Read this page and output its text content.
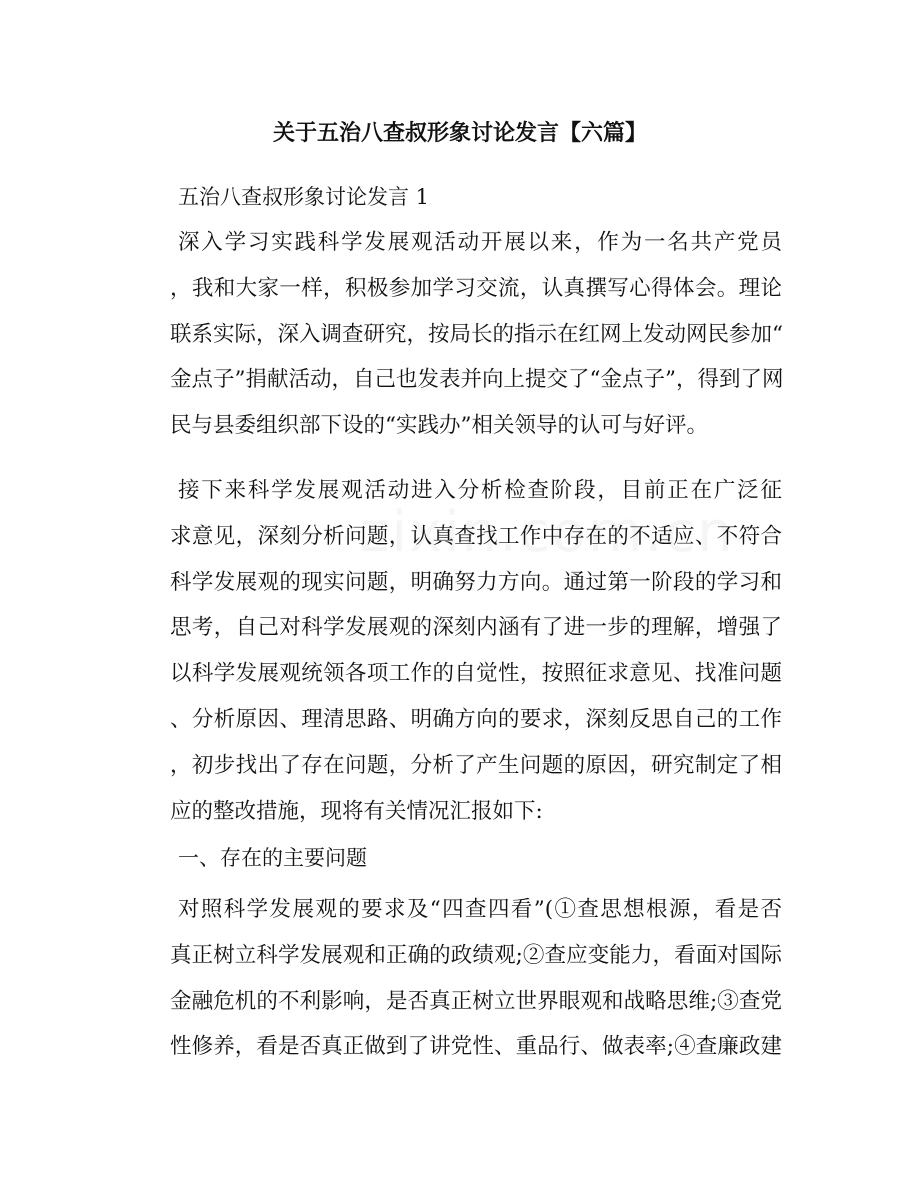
关于五治八查叔形象讨论发言【六篇】
五治八查叔形象讨论发言 1
深入学习实践科学发展观活动开展以来，作为一名共产党员
，我和大家一样，积极参加学习交流，认真撰写心得体会。理论
联系实际，深入调查研究，按局长的指示在红网上发动网民参加“
金点子”捐献活动，自己也发表并向上提交了“金点子”，得到了网
民与县委组织部下设的“实践办”相关领导的认可与好评。
接下来科学发展观活动进入分析检查阶段，目前正在广泛征
求意见，深刻分析问题，认真查找工作中存在的不适应、不符合
科学发展观的现实问题，明确努力方向。通过第一阶段的学习和
思考，自己对科学发展观的深刻内涵有了进一步的理解，增强了
以科学发展观统领各项工作的自觉性，按照征求意见、找准问题
、分析原因、理清思路、明确方向的要求，深刻反思自己的工作
，初步找出了存在问题，分析了产生问题的原因，研究制定了相
应的整改措施，现将有关情况汇报如下:
对照科学发展观的要求及“四查四看”(①查思想根源，看是否
真正树立科学发展观和正确的政绩观;②查应变能力，看面对国际
金融危机的不利影响，是否真正树立世界眼观和战略思维;③查党
性修养，看是否真正做到了讲党性、重品行、做表率;④查廉政建
一、存在的主要问题
